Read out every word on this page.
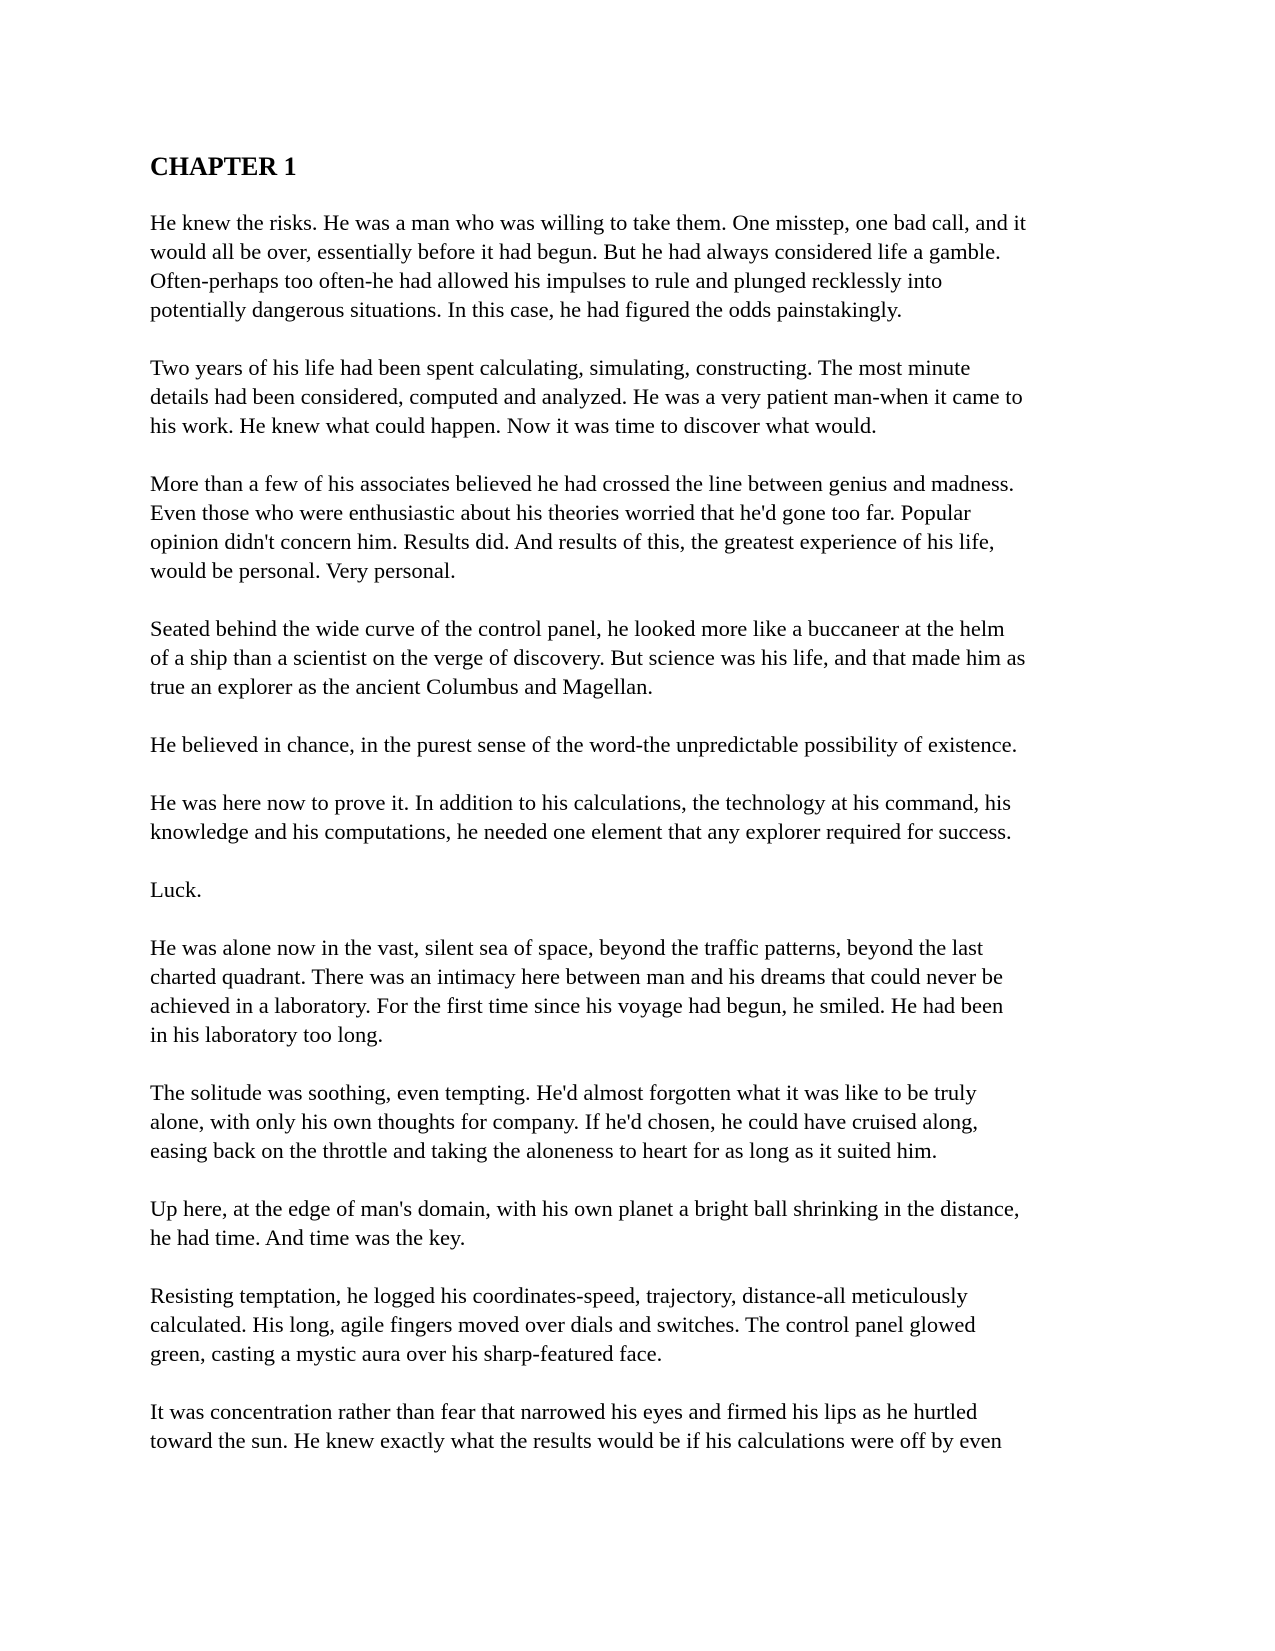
CHAPTER 1

He knew the risks. He was a man who was willing to take them. One misstep, one bad call, and it
would all be over, essentially before it had begun. But he had always considered life a gamble.
Often-perhaps too often-he had allowed his impulses to rule and plunged recklessly into
potentially dangerous situations. In this case, he had figured the odds painstakingly.

Two years of his life had been spent calculating, simulating, constructing. The most minute
details had been considered, computed and analyzed. He was a very patient man-when it came to
his work. He knew what could happen. Now it was time to discover what would.

More than a few of his associates believed he had crossed the line between genius and madness.
Even those who were enthusiastic about his theories worried that he'd gone too far. Popular
opinion didn't concern him. Results did. And results of this, the greatest experience of his life,
would be personal. Very personal.

Seated behind the wide curve of the control panel, he looked more like a buccaneer at the helm
of a ship than a scientist on the verge of discovery. But science was his life, and that made him as
true an explorer as the ancient Columbus and Magellan.

He believed in chance, in the purest sense of the word-the unpredictable possibility of existence.

He was here now to prove it. In addition to his calculations, the technology at his command, his
knowledge and his computations, he needed one element that any explorer required for success.

Luck.

He was alone now in the vast, silent sea of space, beyond the traffic patterns, beyond the last
charted quadrant. There was an intimacy here between man and his dreams that could never be
achieved in a laboratory. For the first time since his voyage had begun, he smiled. He had been
in his laboratory too long.

The solitude was soothing, even tempting. He'd almost forgotten what it was like to be truly
alone, with only his own thoughts for company. If he'd chosen, he could have cruised along,
easing back on the throttle and taking the aloneness to heart for as long as it suited him.

Up here, at the edge of man's domain, with his own planet a bright ball shrinking in the distance,
he had time. And time was the key.

Resisting temptation, he logged his coordinates-speed, trajectory, distance-all meticulously
calculated. His long, agile fingers moved over dials and switches. The control panel glowed
green, casting a mystic aura over his sharp-featured face.

It was concentration rather than fear that narrowed his eyes and firmed his lips as he hurtled
toward the sun. He knew exactly what the results would be if his calculations were off by even
